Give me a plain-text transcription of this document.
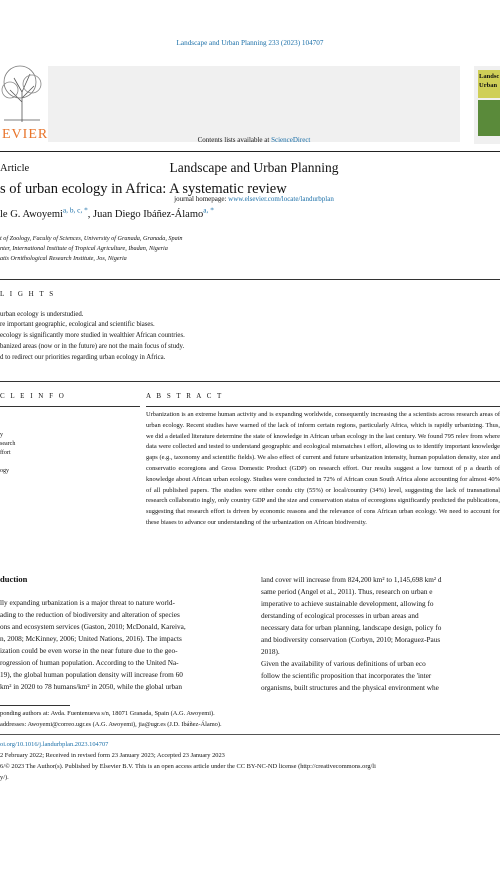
Landscape and Urban Planning 233 (2023) 104707
EVIER	Contents lists available at ScienceDirect
Landscape and Urban Planning
journal homepage: www.elsevier.com/locate/landurbplan
Landsc Urban
Article
s of urban ecology in Africa: A systematic review
le G. Awoyemi$^{a, b, c, *}$, Juan Diego Ibáñez-Álamo$^{a, *}$
t of Zoology, Faculty of Sciences, University of Granada, Granada, Spain
nter, International Institute of Tropical Agriculture, Ibadan, Nigeria
atis Ornithological Research Institute, Jos, Nigeria
L I G H T S
urban ecology is understudied.
re important geographic, ecological and scientific biases.
ecology is significantly more studied in wealthier African countries.
banized areas (now or in the future) are not the main focus of study.
d to redirect our priorities regarding urban ecology in Africa.
C L E I N F O	A B S T R A C T
y
search
ffort
ogy
Urbanization is an extreme human activity and is expanding worldwide, consequently increasing the a scientists across research areas of urban ecology. Recent studies have warned of the lack of inform certain regions, particularly Africa, which is rapidly urbanizing. Thus, we did a detailed literature determine the state of knowledge in African urban ecology in the last century. We found 795 relev from where data were collected and tested to understand geographic and ecological mismatches i effort, allowing us to identify important knowledge gaps (e.g., taxonomy and scientific fields). We also effect of current and future urbanization intensity, human population density, size and conservatio ecoregions and Gross Domestic Product (GDP) on research effort. Our results suggest a low turnout of p a dearth of knowledge about African urban ecology. Studies were conducted in 72% of African coun South Africa alone accounting for almost 40% of all published papers. The studies were either condu city (55%) or local/country (34%) level, suggesting the lack of transnational research collaboratio ingly, only country GDP and the size and conservation status of ecoregions significantly predicted the publications, suggesting that research effort is driven by economic reasons and the relevance of cons African urban ecology. We need to account for these biases to advance our understanding of the urbanization on African biodiversity.
duction
lly expanding urbanization is a major threat to nature world-
ading to the reduction of biodiversity and alteration of species
ons and ecosystem services (Gaston, 2010; McDonald, Kareiva,
n, 2008; McKinney, 2006; United Nations, 2016). The impacts
ization could be even worse in the near future due to the geo-
rogression of human population. According to the United Na-
19), the global human population density will increase from 60
km² in 2020 to 78 humans/km² in 2050, while the global urban
land cover will increase from 824,200 km² to 1,145,698 km² d
same period (Angel et al., 2011). Thus, research on urban e
imperative to achieve sustainable development, allowing fo
derstanding of ecological processes in urban areas and
necessary data for urban planning, landscape design, policy fo
and biodiversity conservation (Corbyn, 2010; Moraguez-Paus
2018).
Given the availability of various definitions of urban eco
follow the scientific proposition that incorporates the 'inter
organisms, built structures and the physical environment whe
ponding authors at: Avda. Fuentenueva s/n, 18071 Granada, Spain (A.G. Awoyemi).
addresses: Awoyemi@correo.ugr.es (A.G. Awoyemi), jia@ugr.es (J.D. Ibáñez-Álamo).
oi.org/10.1016/j.landurbplan.2023.104707
2 February 2022; Received in revised form 23 January 2023; Accepted 23 January 2023
6/© 2023 The Author(s). Published by Elsevier B.V. This is an open access article under the CC BY-NC-ND license (http://creativecommons.org/li
y/).
